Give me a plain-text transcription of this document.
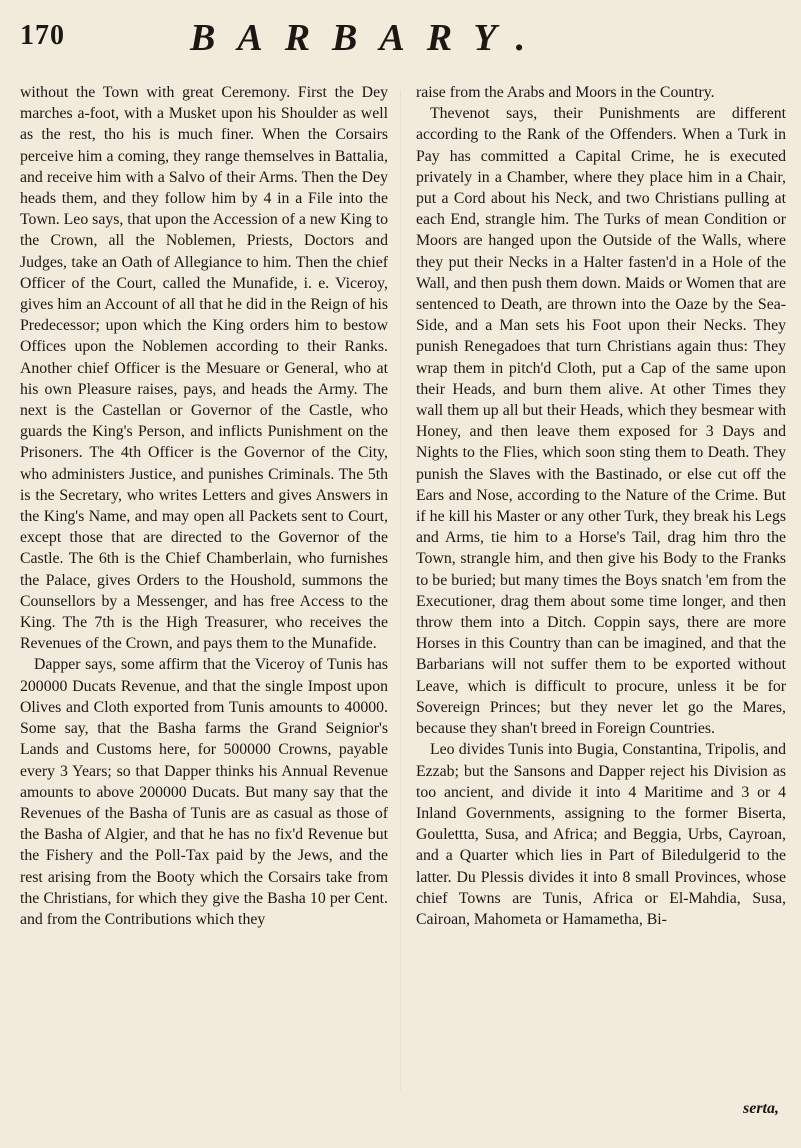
170	BARBARY.

without the Town with great Ceremony. First the Dey marches a-foot, with a Musket upon his Shoulder as well as the rest, tho his is much finer. When the Corsairs perceive him a coming, they range themselves in Battalia, and receive him with a Salvo of their Arms. Then the Dey heads them, and they follow him by 4 in a File into the Town. Leo says, that upon the Accession of a new King to the Crown, all the Noblemen, Priests, Doctors and Judges, take an Oath of Allegiance to him. Then the chief Officer of the Court, called the Munafide, i. e. Viceroy, gives him an Account of all that he did in the Reign of his Predecessor; upon which the King orders him to bestow Offices upon the Noblemen according to their Ranks. Another chief Officer is the Mesuare or General, who at his own Pleasure raises, pays, and heads the Army. The next is the Castellan or Governor of the Castle, who guards the King's Person, and inflicts Punishment on the Prisoners. The 4th Officer is the Governor of the City, who administers Justice, and punishes Criminals. The 5th is the Secretary, who writes Letters and gives Answers in the King's Name, and may open all Packets sent to Court, except those that are directed to the Governor of the Castle. The 6th is the Chief Chamberlain, who furnishes the Palace, gives Orders to the Houshold, summons the Counsellors by a Messenger, and has free Access to the King. The 7th is the High Treasurer, who receives the Revenues of the Crown, and pays them to the Munafide.

Dapper says, some affirm that the Viceroy of Tunis has 200000 Ducats Revenue, and that the single Impost upon Olives and Cloth exported from Tunis amounts to 40000. Some say, that the Basha farms the Grand Seignior's Lands and Customs here, for 500000 Crowns, payable every 3 Years; so that Dapper thinks his Annual Revenue amounts to above 200000 Ducats. But many say that the Revenues of the Basha of Tunis are as casual as those of the Basha of Algier, and that he has no fix'd Revenue but the Fishery and the Poll-Tax paid by the Jews, and the rest arising from the Booty which the Corsairs take from the Christians, for which they give the Basha 10 per Cent. and from the Contributions which they

raise from the Arabs and Moors in the Country.

Thevenot says, their Punishments are different according to the Rank of the Offenders. When a Turk in Pay has committed a Capital Crime, he is executed privately in a Chamber, where they place him in a Chair, put a Cord about his Neck, and two Christians pulling at each End, strangle him. The Turks of mean Condition or Moors are hanged upon the Outside of the Walls, where they put their Necks in a Halter fasten'd in a Hole of the Wall, and then push them down. Maids or Women that are sentenced to Death, are thrown into the Oaze by the Sea-Side, and a Man sets his Foot upon their Necks. They punish Renegadoes that turn Christians again thus: They wrap them in pitch'd Cloth, put a Cap of the same upon their Heads, and burn them alive. At other Times they wall them up all but their Heads, which they besmear with Honey, and then leave them exposed for 3 Days and Nights to the Flies, which soon sting them to Death. They punish the Slaves with the Bastinado, or else cut off the Ears and Nose, according to the Nature of the Crime. But if he kill his Master or any other Turk, they break his Legs and Arms, tie him to a Horse's Tail, drag him thro the Town, strangle him, and then give his Body to the Franks to be buried; but many times the Boys snatch 'em from the Executioner, drag them about some time longer, and then throw them into a Ditch. Coppin says, there are more Horses in this Country than can be imagined, and that the Barbarians will not suffer them to be exported without Leave, which is difficult to procure, unless it be for Sovereign Princes; but they never let go the Mares, because they shan't breed in Foreign Countries.

Leo divides Tunis into Bugia, Constantina, Tripolis, and Ezzab; but the Sansons and Dapper reject his Division as too ancient, and divide it into 4 Maritime and 3 or 4 Inland Governments, assigning to the former Biserta, Goulettta, Susa, and Africa; and Beggia, Urbs, Cayroan, and a Quarter which lies in Part of Biledulgerid to the latter. Du Plessis divides it into 8 small Provinces, whose chief Towns are Tunis, Africa or El-Mahdia, Susa, Cairoan, Mahometa or Hamametha, Bi-

serta,
